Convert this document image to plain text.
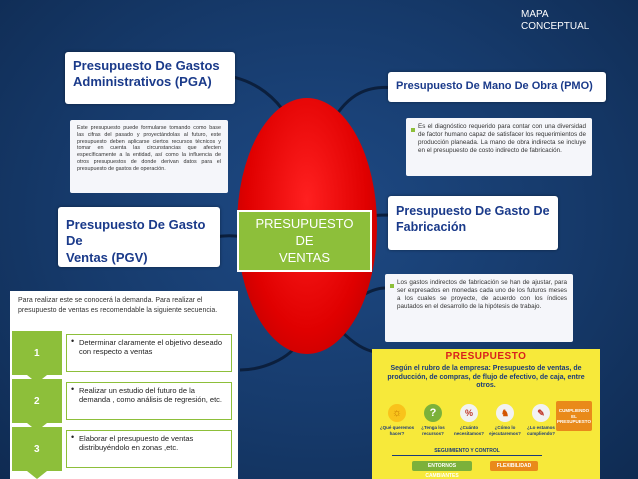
MAPA
CONCEPTUAL
Presupuesto De Gastos
Administrativos (PGA)
Este presupuesto puede formularse tomando como base las cifras del pasado y proyectándolas al futuro, este presupuesto deben aplicarse ciertos recursos técnicos y tomar en cuenta las circunstancias que afecten específicamente a la entidad, así como la influencia de otros presupuestos de donde derivan datos para el presupuesto de gastos de operación.
Presupuesto De Mano De Obra (PMO)
Es el diagnóstico requerido para contar con una diversidad de factor humano capaz de satisfacer los requerimientos de producción planeada. La mano de obra indirecta se incluye en el presupuesto de costo indirecto de fabricación.
Presupuesto De Gasto De
Ventas (PGV)
Presupuesto De Gasto De
Fabricación
Los gastos indirectos de fabricación se han de ajustar, para ser expresados en monedas cada uno de los futuros meses a los cuales se proyecte, de acuerdo con los índices pautados en el desarrollo de la hipótesis de trabajo.
PRESUPUESTO
DE
VENTAS
Para realizar este se conocerá la demanda. Para realizar el presupuesto de ventas es recomendable la siguiente secuencia.
1
• Determinar claramente el objetivo deseado con respecto a ventas
2
• Realizar un estudio del futuro de la demanda , como análisis de regresión, etc.
3
• Elaborar el presupuesto de ventas distribuyéndolo en zonas ,etc.
PRESUPUESTO
Según el rubro de la empresa: Presupuesto de ventas, de producción, de compras, de flujo de efectivo, de caja, entre otros.
☼	?	%	♞	✎
¿Qué queremos hacer?
¿Tenga los recursos?
¿Cuánto necesitamos?
¿Cómo lo ejecutaremos?
¿Lo estamos cumpliendo?
CUMPLIENDO EL PRESUPUESTO
SEGUIMIENTO Y CONTROL
ENTORNOS CAMBIANTES
FLEXIBILIDAD
